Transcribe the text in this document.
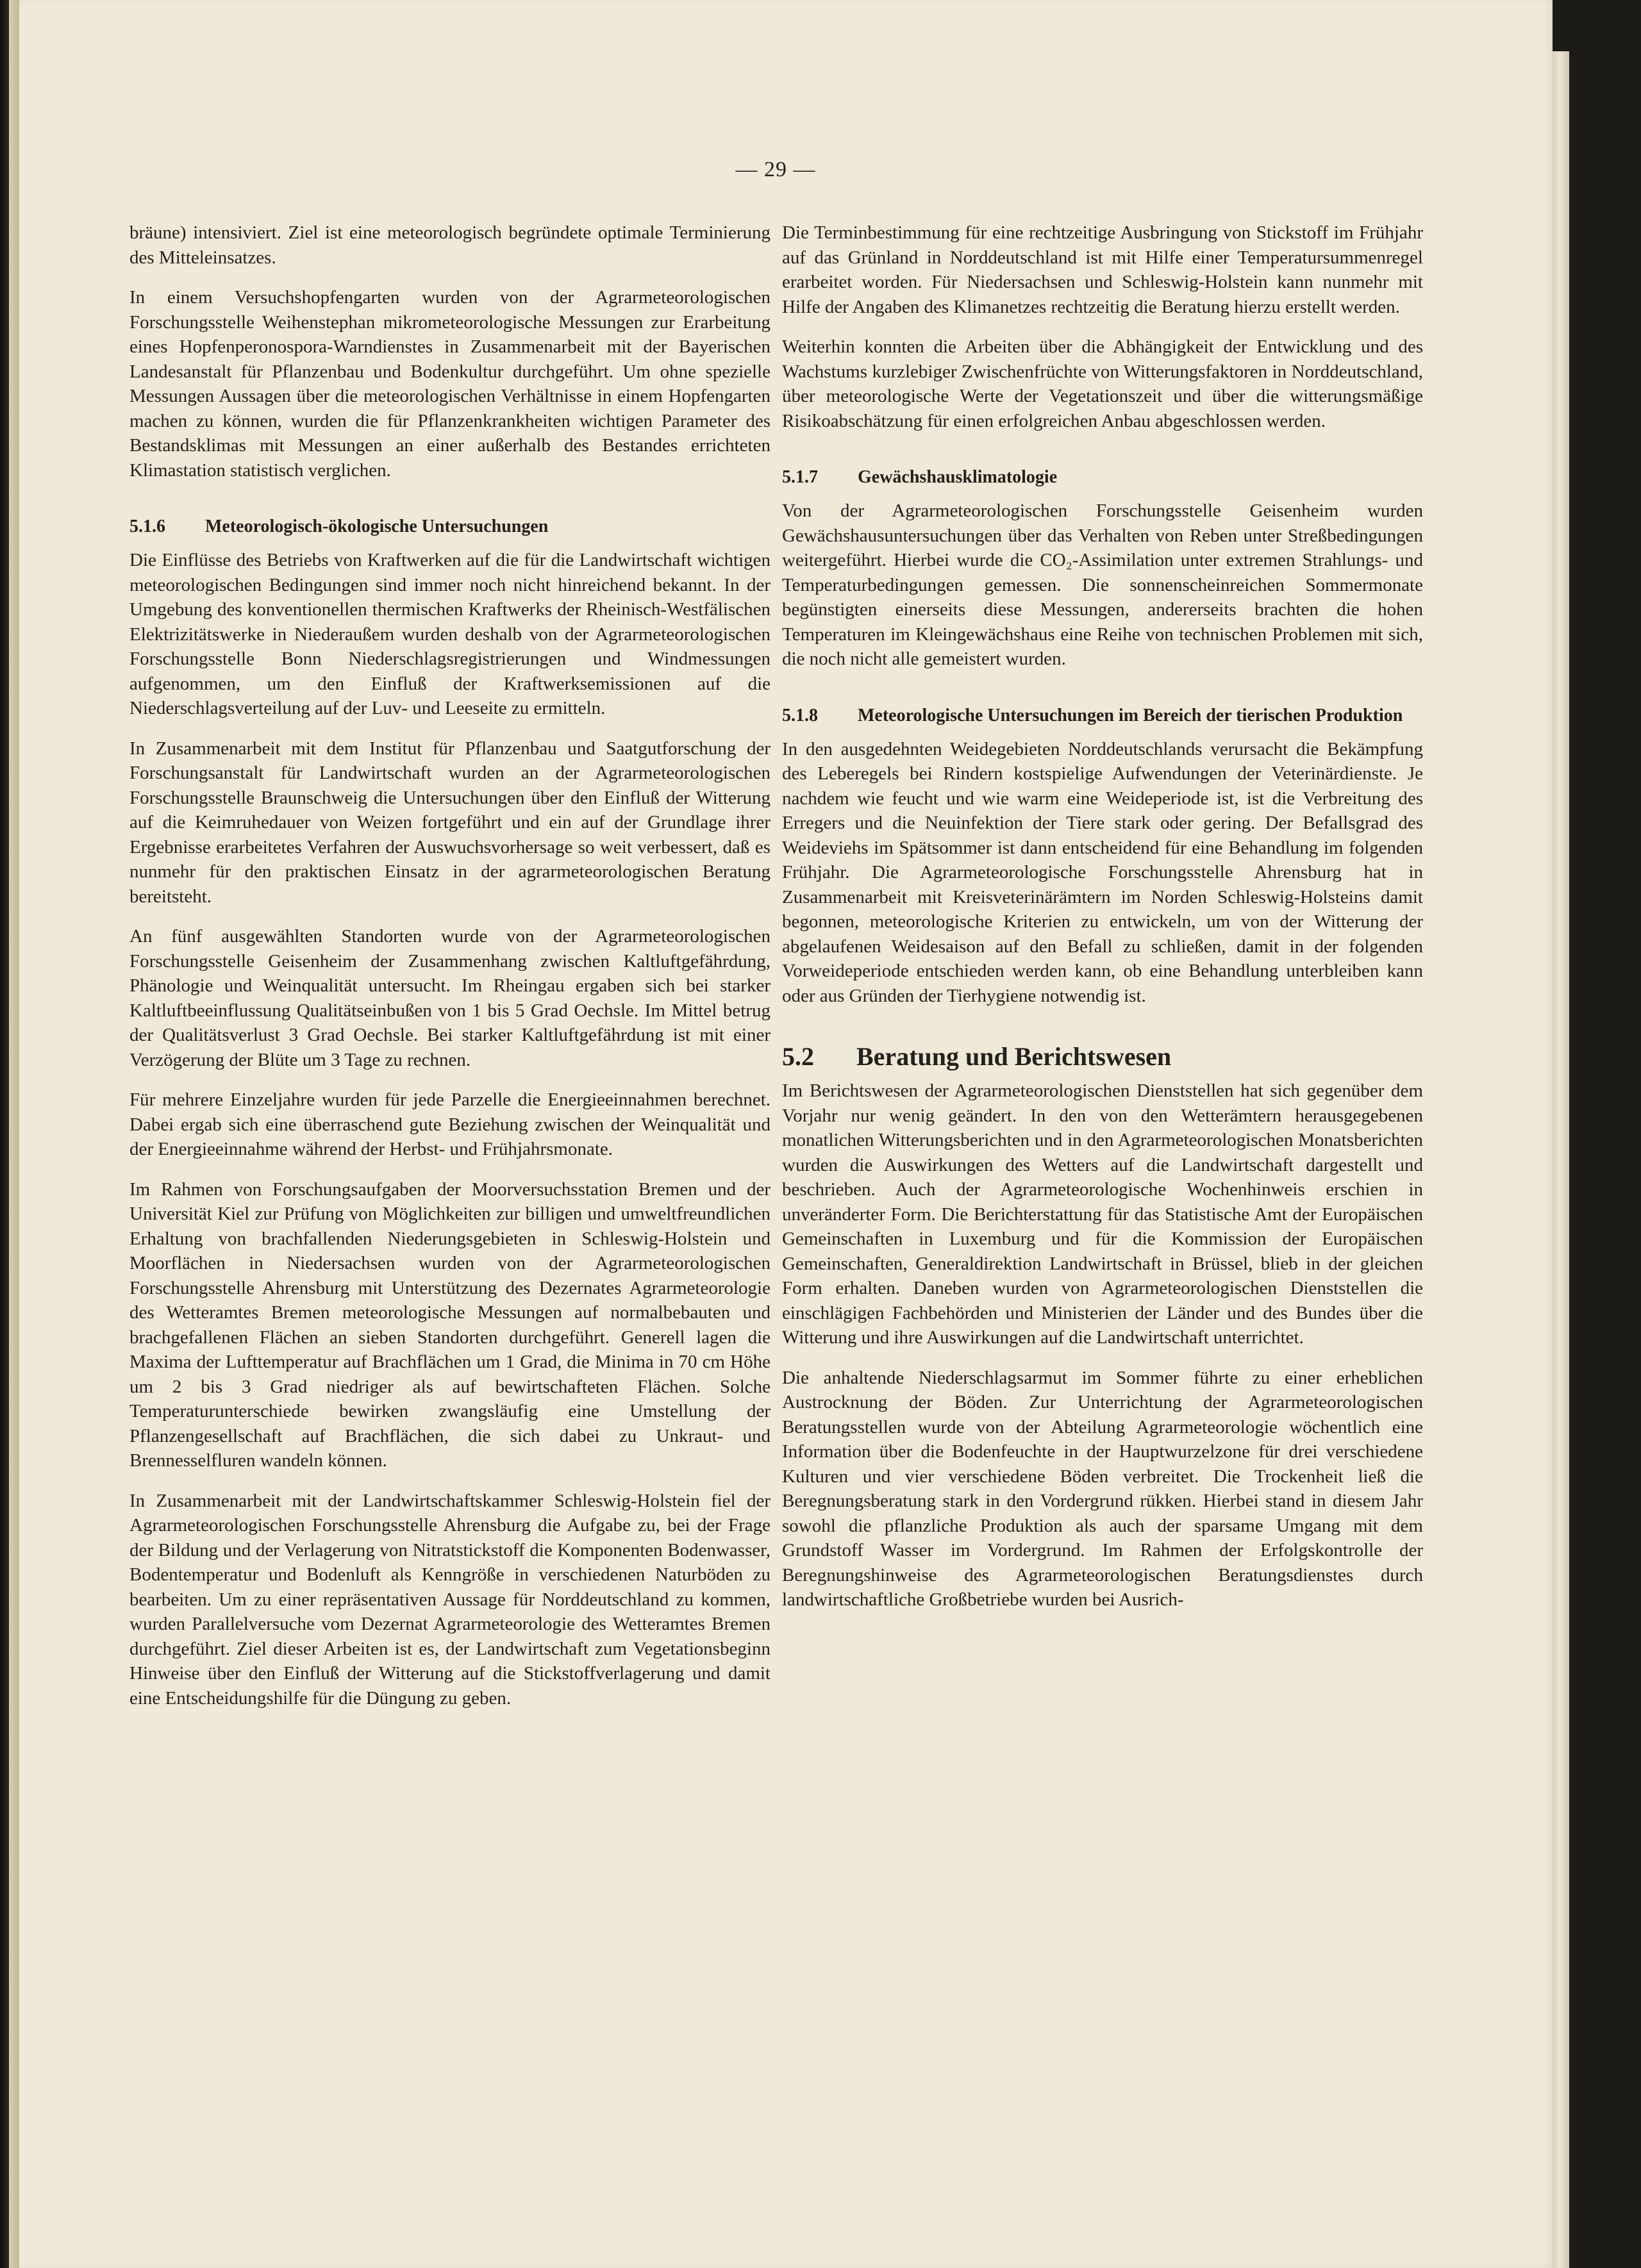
— 29 —

bräune) intensiviert. Ziel ist eine meteorologisch begründete optimale Terminierung des Mitteleinsatzes.

In einem Versuchshopfengarten wurden von der Agrarmeteorologischen Forschungsstelle Weihenstephan mikrometeorologische Messungen zur Erarbeitung eines Hopfenperonospora-Warndienstes in Zusammenarbeit mit der Bayerischen Landesanstalt für Pflanzenbau und Bodenkultur durchgeführt. Um ohne spezielle Messungen Aussagen über die meteorologischen Verhältnisse in einem Hopfengarten machen zu können, wurden die für Pflanzenkrankheiten wichtigen Parameter des Bestandsklimas mit Messungen an einer außerhalb des Bestandes errichteten Klimastation statistisch verglichen.

5.1.6	Meteorologisch-ökologische Untersuchungen

Die Einflüsse des Betriebs von Kraftwerken auf die für die Landwirtschaft wichtigen meteorologischen Bedingungen sind immer noch nicht hinreichend bekannt. In der Umgebung des konventionellen thermischen Kraftwerks der Rheinisch-Westfälischen Elektrizitätswerke in Niederaußem wurden deshalb von der Agrarmeteorologischen Forschungsstelle Bonn Niederschlagsregistrierungen und Windmessungen aufgenommen, um den Einfluß der Kraftwerksemissionen auf die Niederschlagsverteilung auf der Luv- und Leeseite zu ermitteln.

In Zusammenarbeit mit dem Institut für Pflanzenbau und Saatgutforschung der Forschungsanstalt für Landwirtschaft wurden an der Agrarmeteorologischen Forschungsstelle Braunschweig die Untersuchungen über den Einfluß der Witterung auf die Keimruhedauer von Weizen fortgeführt und ein auf der Grundlage ihrer Ergebnisse erarbeitetes Verfahren der Auswuchsvorhersage so weit verbessert, daß es nunmehr für den praktischen Einsatz in der agrarmeteorologischen Beratung bereitsteht.

An fünf ausgewählten Standorten wurde von der Agrarmeteorologischen Forschungsstelle Geisenheim der Zusammenhang zwischen Kaltluftgefährdung, Phänologie und Weinqualität untersucht. Im Rheingau ergaben sich bei starker Kaltluftbeeinflussung Qualitätseinbußen von 1 bis 5 Grad Oechsle. Im Mittel betrug der Qualitätsverlust 3 Grad Oechsle. Bei starker Kaltluftgefährdung ist mit einer Verzögerung der Blüte um 3 Tage zu rechnen.

Für mehrere Einzeljahre wurden für jede Parzelle die Energieeinnahmen berechnet. Dabei ergab sich eine überraschend gute Beziehung zwischen der Weinqualität und der Energieeinnahme während der Herbst- und Frühjahrsmonate.

Im Rahmen von Forschungsaufgaben der Moorversuchsstation Bremen und der Universität Kiel zur Prüfung von Möglichkeiten zur billigen und umweltfreundlichen Erhaltung von brachfallenden Niederungsgebieten in Schleswig-Holstein und Moorflächen in Niedersachsen wurden von der Agrarmeteorologischen Forschungsstelle Ahrensburg mit Unterstützung des Dezernates Agrarmeteorologie des Wetteramtes Bremen meteorologische Messungen auf normalbebauten und brachgefallenen Flächen an sieben Standorten durchgeführt. Generell lagen die Maxima der Lufttemperatur auf Brachflächen um 1 Grad, die Minima in 70 cm Höhe um 2 bis 3 Grad niedriger als auf bewirtschafteten Flächen. Solche Temperaturunterschiede bewirken zwangsläufig eine Umstellung der Pflanzengesellschaft auf Brachflächen, die sich dabei zu Unkraut- und Brennesselfluren wandeln können.

In Zusammenarbeit mit der Landwirtschaftskammer Schleswig-Holstein fiel der Agrarmeteorologischen Forschungsstelle Ahrensburg die Aufgabe zu, bei der Frage der Bildung und der Verlagerung von Nitratstickstoff die Komponenten Bodenwasser, Bodentemperatur und Bodenluft als Kenngröße in verschiedenen Naturböden zu bearbeiten. Um zu einer repräsentativen Aussage für Norddeutschland zu kommen, wurden Parallelversuche vom Dezernat Agrarmeteorologie des Wetteramtes Bremen durchgeführt. Ziel dieser Arbeiten ist es, der Landwirtschaft zum Vegetationsbeginn Hinweise über den Einfluß der Witterung auf die Stickstoffverlagerung und damit eine Entscheidungshilfe für die Düngung zu geben.

Die Terminbestimmung für eine rechtzeitige Ausbringung von Stickstoff im Frühjahr auf das Grünland in Norddeutschland ist mit Hilfe einer Temperatursummenregel erarbeitet worden. Für Niedersachsen und Schleswig-Holstein kann nunmehr mit Hilfe der Angaben des Klimanetzes rechtzeitig die Beratung hierzu erstellt werden.

Weiterhin konnten die Arbeiten über die Abhängigkeit der Entwicklung und des Wachstums kurzlebiger Zwischenfrüchte von Witterungsfaktoren in Norddeutschland, über meteorologische Werte der Vegetationszeit und über die witterungsmäßige Risikoabschätzung für einen erfolgreichen Anbau abgeschlossen werden.

5.1.7	Gewächshausklimatologie

Von der Agrarmeteorologischen Forschungsstelle Geisenheim wurden Gewächshausuntersuchungen über das Verhalten von Reben unter Streßbedingungen weitergeführt. Hierbei wurde die CO₂-Assimilation unter extremen Strahlungs- und Temperaturbedingungen gemessen. Die sonnenscheinreichen Sommermonate begünstigten einerseits diese Messungen, andererseits brachten die hohen Temperaturen im Kleingewächshaus eine Reihe von technischen Problemen mit sich, die noch nicht alle gemeistert wurden.

5.1.8	Meteorologische Untersuchungen im Bereich der tierischen Produktion

In den ausgedehnten Weidegebieten Norddeutschlands verursacht die Bekämpfung des Leberegels bei Rindern kostspielige Aufwendungen der Veterinärdienste. Je nachdem wie feucht und wie warm eine Weideperiode ist, ist die Verbreitung des Erregers und die Neuinfektion der Tiere stark oder gering. Der Befallsgrad des Weideviehs im Spätsommer ist dann entscheidend für eine Behandlung im folgenden Frühjahr. Die Agrarmeteorologische Forschungsstelle Ahrensburg hat in Zusammenarbeit mit Kreisveterinärämtern im Norden Schleswig-Holsteins damit begonnen, meteorologische Kriterien zu entwickeln, um von der Witterung der abgelaufenen Weidesaison auf den Befall zu schließen, damit in der folgenden Vorweideperiode entschieden werden kann, ob eine Behandlung unterbleiben kann oder aus Gründen der Tierhygiene notwendig ist.

5.2	Beratung und Berichtswesen

Im Berichtswesen der Agrarmeteorologischen Dienststellen hat sich gegenüber dem Vorjahr nur wenig geändert. In den von den Wetterämtern herausgegebenen monatlichen Witterungsberichten und in den Agrarmeteorologischen Monatsberichten wurden die Auswirkungen des Wetters auf die Landwirtschaft dargestellt und beschrieben. Auch der Agrarmeteorologische Wochenhinweis erschien in unveränderter Form. Die Berichterstattung für das Statistische Amt der Europäischen Gemeinschaften in Luxemburg und für die Kommission der Europäischen Gemeinschaften, Generaldirektion Landwirtschaft in Brüssel, blieb in der gleichen Form erhalten. Daneben wurden von Agrarmeteorologischen Dienststellen die einschlägigen Fachbehörden und Ministerien der Länder und des Bundes über die Witterung und ihre Auswirkungen auf die Landwirtschaft unterrichtet.

Die anhaltende Niederschlagsarmut im Sommer führte zu einer erheblichen Austrocknung der Böden. Zur Unterrichtung der Agrarmeteorologischen Beratungsstellen wurde von der Abteilung Agrarmeteorologie wöchentlich eine Information über die Bodenfeuchte in der Hauptwurzelzone für drei verschiedene Kulturen und vier verschiedene Böden verbreitet. Die Trockenheit ließ die Beregnungsberatung stark in den Vordergrund rükken. Hierbei stand in diesem Jahr sowohl die pflanzliche Produktion als auch der sparsame Umgang mit dem Grundstoff Wasser im Vordergrund. Im Rahmen der Erfolgskontrolle der Beregnungshinweise des Agrarmeteorologischen Beratungsdienstes durch landwirtschaftliche Großbetriebe wurden bei Ausrich-
